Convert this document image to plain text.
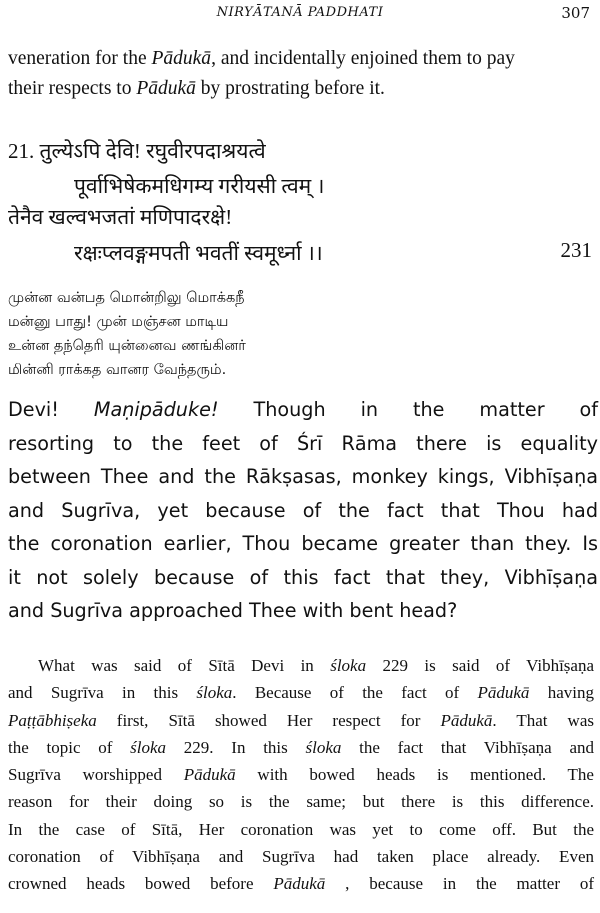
NIRYĀTANĀ PADDHATI	307
veneration for the Pādukā, and incidentally enjoined them to pay
their respects to Pādukā by prostrating before it.
21. तुल्येऽपि देवि! रघुवीरपदाश्रयत्वे
पूर्वाभिषेकमधिगम्य गरीयसी त्वम् ।
तेनैव खल्वभजतां मणिपादरक्षे!
रक्षःप्लवङ्गमपती भवतीं स्वमूर्ध्ना ।।	231
முன்ன வன்பத மொன்றிலு மொக்கநீ
மன்னு பாது! முன் மஞ்சன மாடிய
உன்ன தந்தெரி யுன்னைவ ணங்கினர்
மின்னி ராக்கத வானர வேந்தரும்.
Devi! Maṇipāduke! Though in the matter of
resorting to the feet of Śrī Rāma there is equality
between Thee and the Rākṣasas, monkey kings, Vibhīṣaṇa
and Sugrīva, yet because of the fact that Thou had
the coronation earlier, Thou became greater than they. Is
it not solely because of this fact that they, Vibhīṣaṇa
and Sugrīva approached Thee with bent head?
What was said of Sītā Devi in śloka 229 is said of Vibhīṣaṇa
and Sugrīva in this śloka. Because of the fact of Pādukā having
Paṭṭābhiṣeka first, Sītā showed Her respect for Pādukā. That was
the topic of śloka 229. In this śloka the fact that Vibhīṣaṇa and
Sugrīva worshipped Pādukā with bowed heads is mentioned. The
reason for their doing so is the same; but there is this difference.
In the case of Sītā, Her coronation was yet to come off. But the
coronation of Vibhīṣaṇa and Sugrīva had taken place already. Even
crowned heads bowed before Pādukā , because in the matter of
